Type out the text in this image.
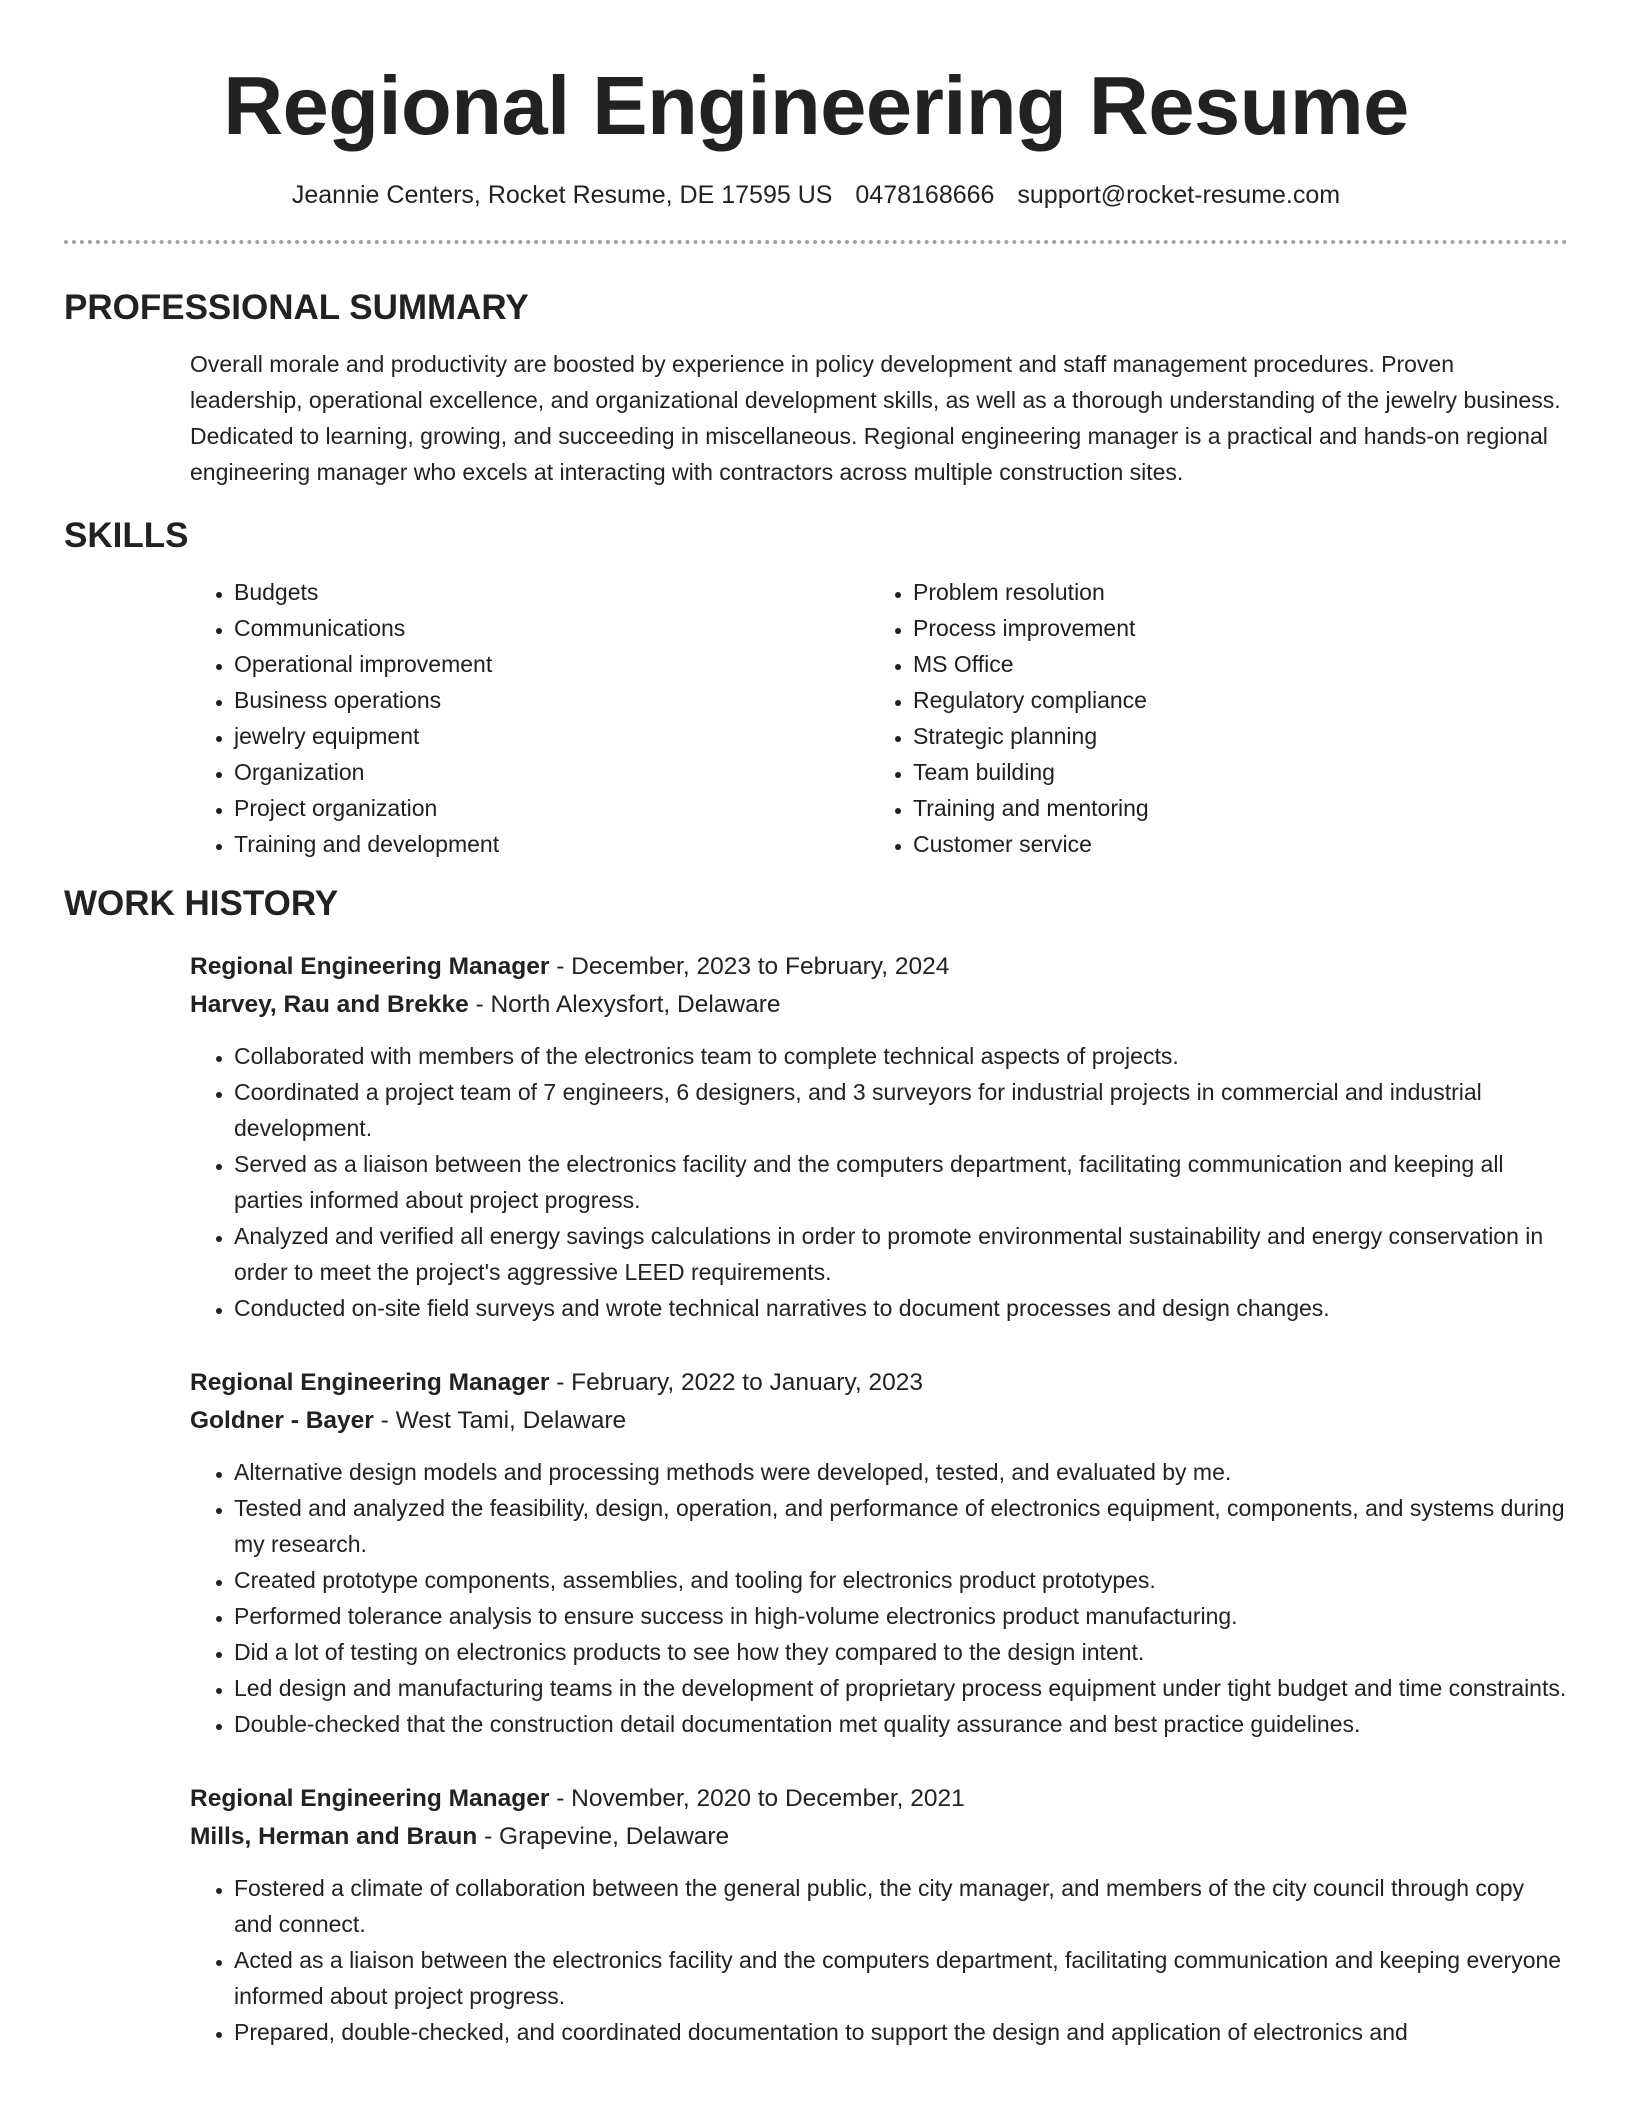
Regional Engineering Resume
Jeannie Centers, Rocket Resume, DE 17595 US 0478168666 support@rocket-resume.com
PROFESSIONAL SUMMARY

Overall morale and productivity are boosted by experience in policy development and staff management procedures. Proven leadership, operational excellence, and organizational development skills, as well as a thorough understanding of the jewelry business. Dedicated to learning, growing, and succeeding in miscellaneous. Regional engineering manager is a practical and hands-on regional engineering manager who excels at interacting with contractors across multiple construction sites.

SKILLS
• Budgets
• Communications
• Operational improvement
• Business operations
• jewelry equipment
• Organization
• Project organization
• Training and development
• Problem resolution
• Process improvement
• MS Office
• Regulatory compliance
• Strategic planning
• Team building
• Training and mentoring
• Customer service
WORK HISTORY
Regional Engineering Manager - December, 2023 to February, 2024
Harvey, Rau and Brekke - North Alexysfort, Delaware
• Collaborated with members of the electronics team to complete technical aspects of projects.
• Coordinated a project team of 7 engineers, 6 designers, and 3 surveyors for industrial projects in commercial and industrial development.
• Served as a liaison between the electronics facility and the computers department, facilitating communication and keeping all parties informed about project progress.
• Analyzed and verified all energy savings calculations in order to promote environmental sustainability and energy conservation in order to meet the project's aggressive LEED requirements.
• Conducted on-site field surveys and wrote technical narratives to document processes and design changes.
Regional Engineering Manager - February, 2022 to January, 2023
Goldner - Bayer - West Tami, Delaware
• Alternative design models and processing methods were developed, tested, and evaluated by me.
• Tested and analyzed the feasibility, design, operation, and performance of electronics equipment, components, and systems during my research.
• Created prototype components, assemblies, and tooling for electronics product prototypes.
• Performed tolerance analysis to ensure success in high-volume electronics product manufacturing.
• Did a lot of testing on electronics products to see how they compared to the design intent.
• Led design and manufacturing teams in the development of proprietary process equipment under tight budget and time constraints.
• Double-checked that the construction detail documentation met quality assurance and best practice guidelines.
Regional Engineering Manager - November, 2020 to December, 2021
Mills, Herman and Braun - Grapevine, Delaware
• Fostered a climate of collaboration between the general public, the city manager, and members of the city council through copy and connect.
• Acted as a liaison between the electronics facility and the computers department, facilitating communication and keeping everyone informed about project progress.
• Prepared, double-checked, and coordinated documentation to support the design and application of electronics and
